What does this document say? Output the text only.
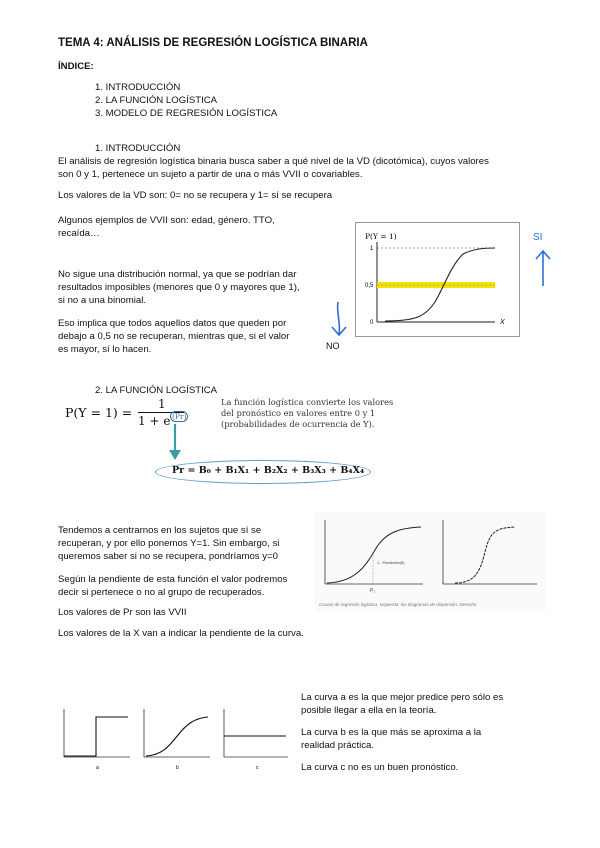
TEMA 4: ANÁLISIS DE REGRESIÓN LOGÍSTICA BINARIA
ÍNDICE:
1. INTRODUCCIÓN
2. LA FUNCIÓN LOGÍSTICA
3. MODELO DE REGRESIÓN LOGÍSTICA
1. INTRODUCCIÓN
El análisis de regresión logística binaria busca saber a qué nivel de la VD (dicotómica), cuyos valores
son 0 y 1, pertenece un sujeto a partir de una o más VVII o covariables.
Los valores de la VD son: 0= no se recupera y 1= sí se recupera
Algunos ejemplos de VVII son: edad, género. TTO,
recaída…
No sigue una distribución normal, ya que se podrían dar
resultados imposibles (menores que 0 y mayores que 1),
si no a una binomial.
Eso implica que todos aquellos datos que queden por
debajo a 0,5 no se recuperan, mientras que, si el valor
es mayor, sí lo hacen.
P(Y = 1)
1
0,5
0	X
SI
NO
2. LA FUNCIÓN LOGÍSTICA
P(Y = 1) =
1
1 + e (Pr)
La función logística convierte los valores
del pronóstico en valores entre 0 y 1
(probabilidades de ocurrencia de Y).
Pr = B₀ + B₁X₁ + B₂X₂ + B₃X₃ + B₄X₄
Tendemos a centrarnos en los sujetos que sí se
recuperan, y por ello ponemos Y=1. Sin embargo, si
queremos saber si no se recupera, pondríamos y=0
Según la pendiente de esta función el valor podremos
decir si pertenece o no al grupo de recuperados.
Los valores de Pr son las VVII
Los valores de la X van a indicar la pendiente de la curva.
1 - Pendiente(B)
P₁
Curvas de regresión logística. Izquierda: los diagramas de dispersión. Derecha
a	b	c
La curva a es la que mejor predice pero sólo es
posible llegar a ella en la teoría.
La curva b es la que más se aproxima a la
realidad práctica.
La curva c no es un buen pronóstico.
